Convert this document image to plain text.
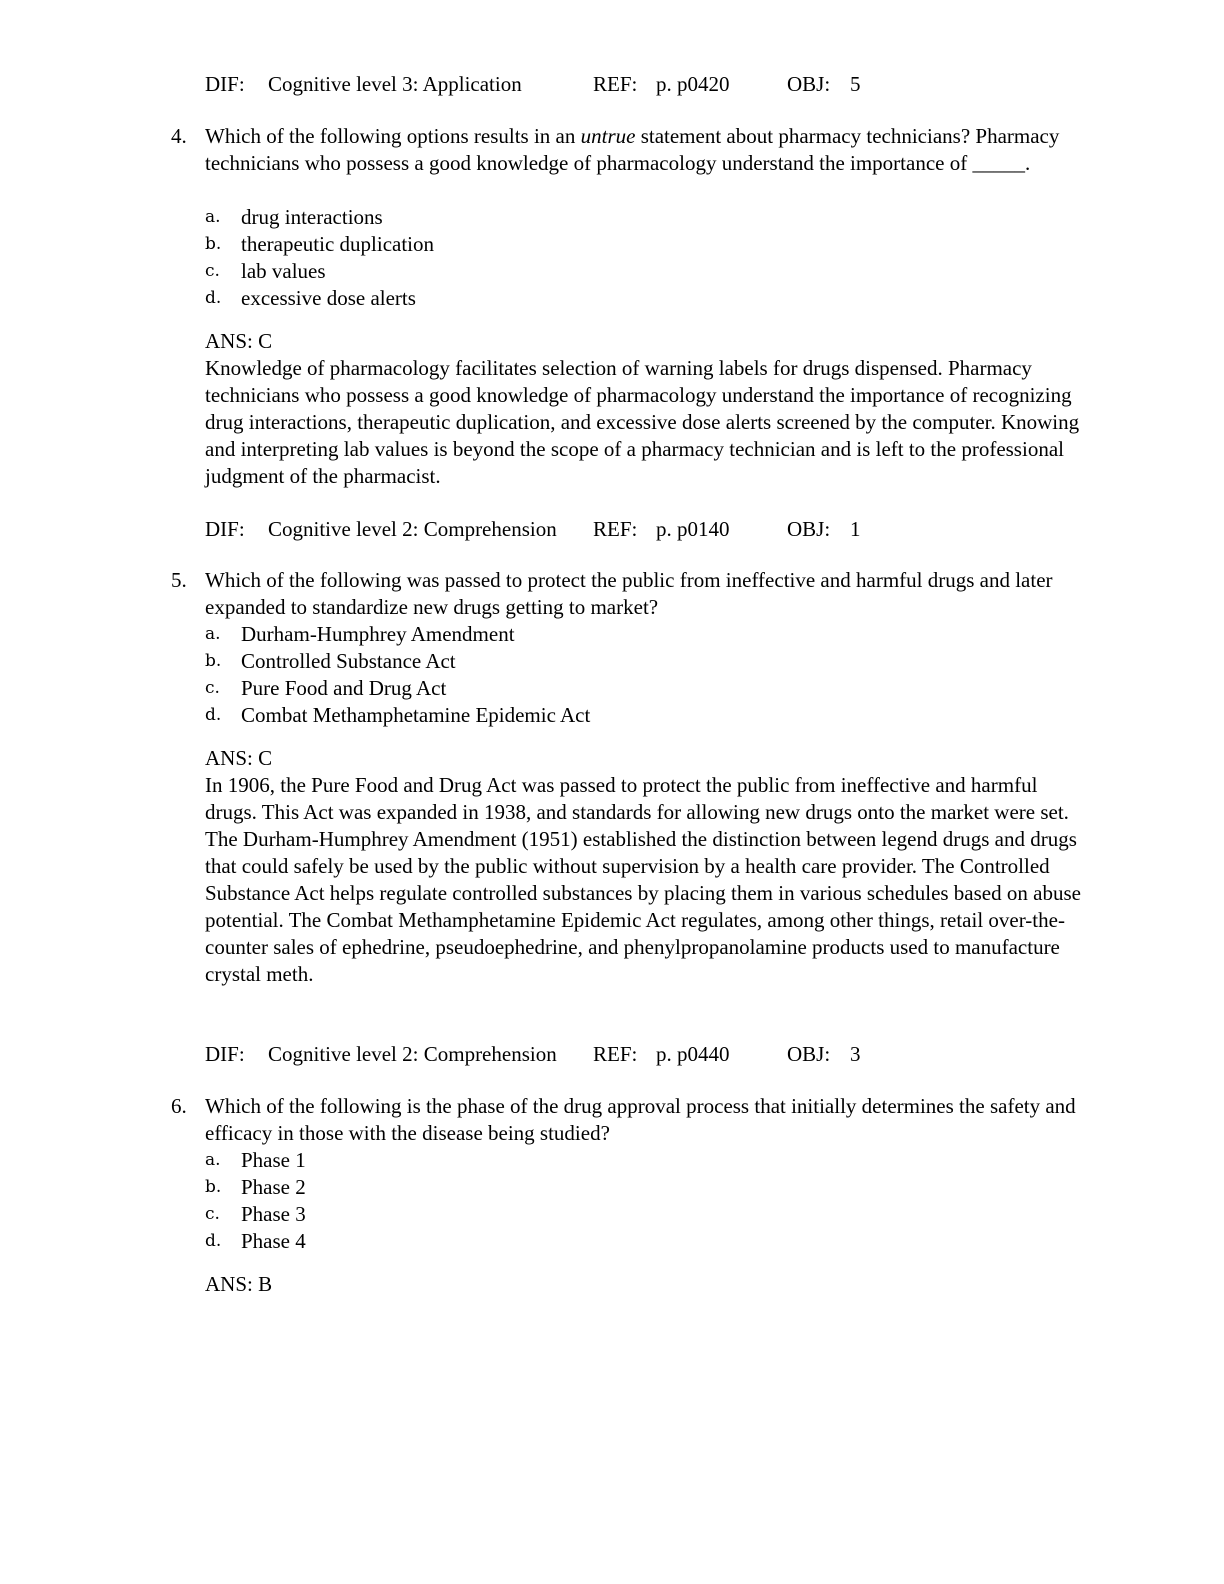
DIF: Cognitive level 3: Application	REF: p. p0420	OBJ: 5
4. Which of the following options results in an untrue statement about pharmacy technicians? Pharmacy technicians who possess a good knowledge of pharmacology understand the importance of _____.
a. drug interactions
b. therapeutic duplication
c. lab values
d. excessive dose alerts
ANS: C

Knowledge of pharmacology facilitates selection of warning labels for drugs dispensed. Pharmacy technicians who possess a good knowledge of pharmacology understand the importance of recognizing drug interactions, therapeutic duplication, and excessive dose alerts screened by the computer. Knowing and interpreting lab values is beyond the scope of a pharmacy technician and is left to the professional judgment of the pharmacist.

DIF: Cognitive level 2: Comprehension REF: p. p0140	OBJ: 1
5. Which of the following was passed to protect the public from ineffective and harmful drugs and later expanded to standardize new drugs getting to market?
a. Durham-Humphrey Amendment
b. Controlled Substance Act
c. Pure Food and Drug Act
d. Combat Methamphetamine Epidemic Act
ANS: C

In 1906, the Pure Food and Drug Act was passed to protect the public from ineffective and harmful drugs. This Act was expanded in 1938, and standards for allowing new drugs onto the market were set. The Durham-Humphrey Amendment (1951) established the distinction between legend drugs and drugs that could safely be used by the public without supervision by a health care provider. The Controlled Substance Act helps regulate controlled substances by placing them in various schedules based on abuse potential. The Combat Methamphetamine Epidemic Act regulates, among other things, retail over-the-counter sales of ephedrine, pseudoephedrine, and phenylpropanolamine products used to manufacture crystal meth.

DIF: Cognitive level 2: Comprehension REF: p. p0440	OBJ: 3
6. Which of the following is the phase of the drug approval process that initially determines the safety and efficacy in those with the disease being studied?
a. Phase 1
b. Phase 2
c. Phase 3
d. Phase 4
ANS: B
